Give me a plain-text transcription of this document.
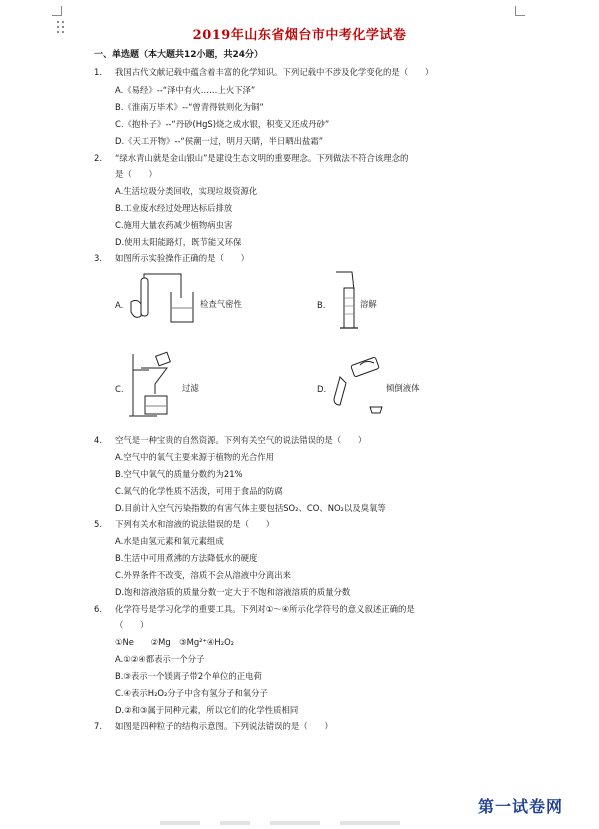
2019年山东省烟台市中考化学试卷
一、单选题（本大题共12小题，共24分）
1. 我国古代文献记载中蕴含着丰富的化学知识。下列记载中不涉及化学变化的是（　　）
A.《易经》--“泽中有火……上火下泽”
B.《淮南万毕术》--“曾青得铁则化为铜”
C.《抱朴子》--“丹砂(HgS)烧之成水银，积变又还成丹砂”
D.《天工开物》--“侯潮一过，明月天睛，半日晒出盐霜”
2. “绿水青山就是金山银山”是建设生态文明的重要理念。下列做法不符合该理念的
是（　　）
A.生活垃圾分类回收，实现垃圾资源化
B.工业废水经过处理达标后排放
C.施用大量农药减少植物病虫害
D.使用太阳能路灯，既节能又环保
3. 如图所示实验操作正确的是（　　）
A.	检查气密性	B.	溶解
C.	过滤	D.	倾倒液体
4. 空气是一种宝贵的自然资源。下列有关空气的说法错误的是（　　）
A.空气中的氧气主要来源于植物的光合作用
B.空气中氧气的质量分数约为21%
C.氮气的化学性质不活泼，可用于食品的防腐
D.目前计入空气污染指数的有害气体主要包括SO₂、CO、NO₂以及臭氧等
5. 下列有关水和溶液的说法错误的是（　　）
A.水是由氢元素和氧元素组成
B.生活中可用煮沸的方法降低水的硬度
C.外界条件不改变，溶质不会从溶液中分离出来
D.饱和溶液溶质的质量分数一定大于不饱和溶液溶质的质量分数
6. 化学符号是学习化学的重要工具。下列对①～④所示化学符号的意义叙述正确的是
（　　）
①Ne　　②Mg　③Mg²⁺④H₂O₂
A.①②④都表示一个分子
B.③表示一个镁离子带2个单位的正电荷
C.④表示H₂O₂分子中含有氢分子和氧分子
D.②和③属于同种元素，所以它们的化学性质相同
7. 如图是四种粒子的结构示意图。下列说法错误的是（　　）
第一试卷网
